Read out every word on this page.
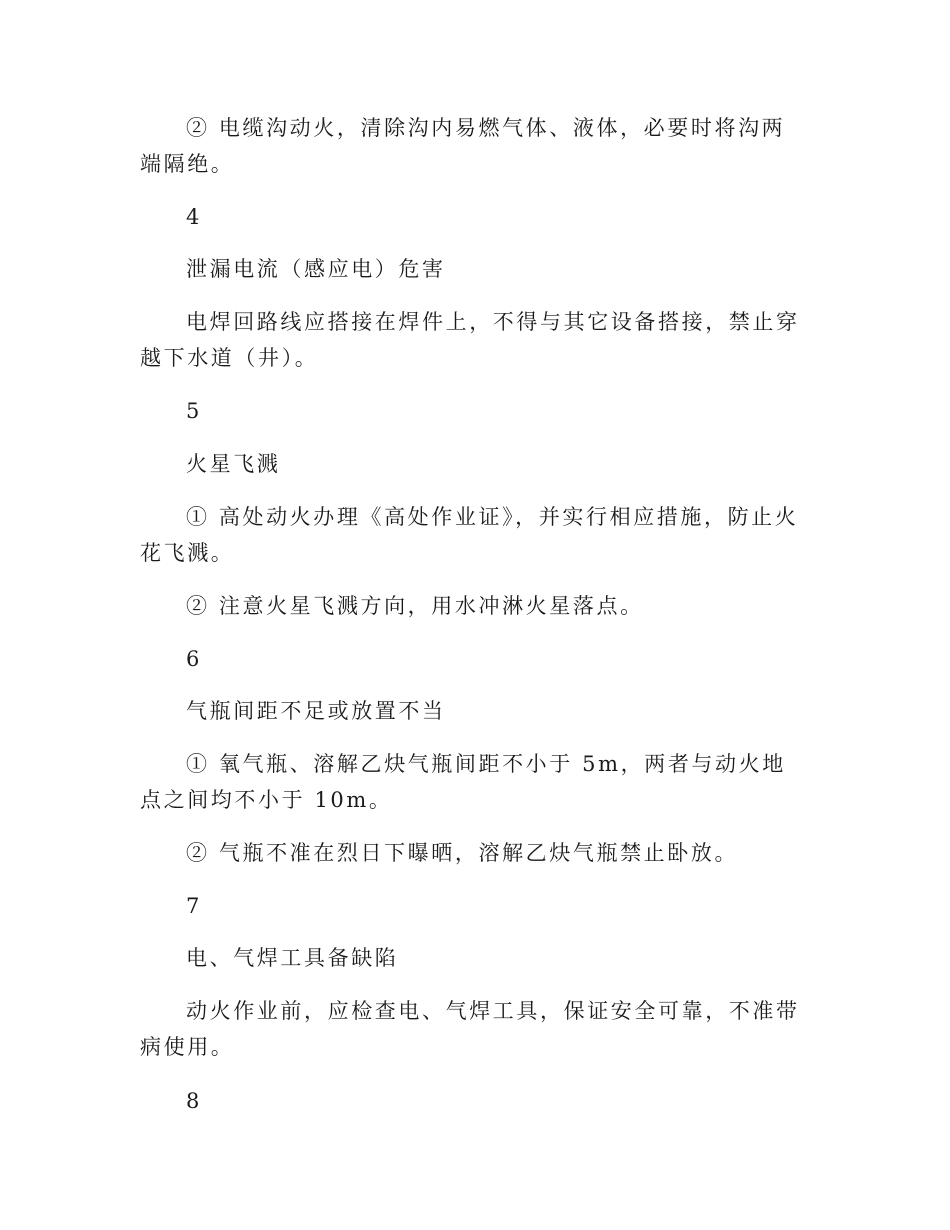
② 电缆沟动火，清除沟内易燃气体、液体，必要时将沟两端隔绝。

4

泄漏电流（感应电）危害

电焊回路线应搭接在焊件上，不得与其它设备搭接，禁止穿越下水道（井）。

5

火星飞溅

① 高处动火办理《高处作业证》，并实行相应措施，防止火花飞溅。

② 注意火星飞溅方向，用水冲淋火星落点。

6

气瓶间距不足或放置不当

① 氧气瓶、溶解乙炔气瓶间距不小于 5m，两者与动火地点之间均不小于 10m。

② 气瓶不准在烈日下曝晒，溶解乙炔气瓶禁止卧放。

7

电、气焊工具备缺陷

动火作业前，应检查电、气焊工具，保证安全可靠，不准带病使用。

8
